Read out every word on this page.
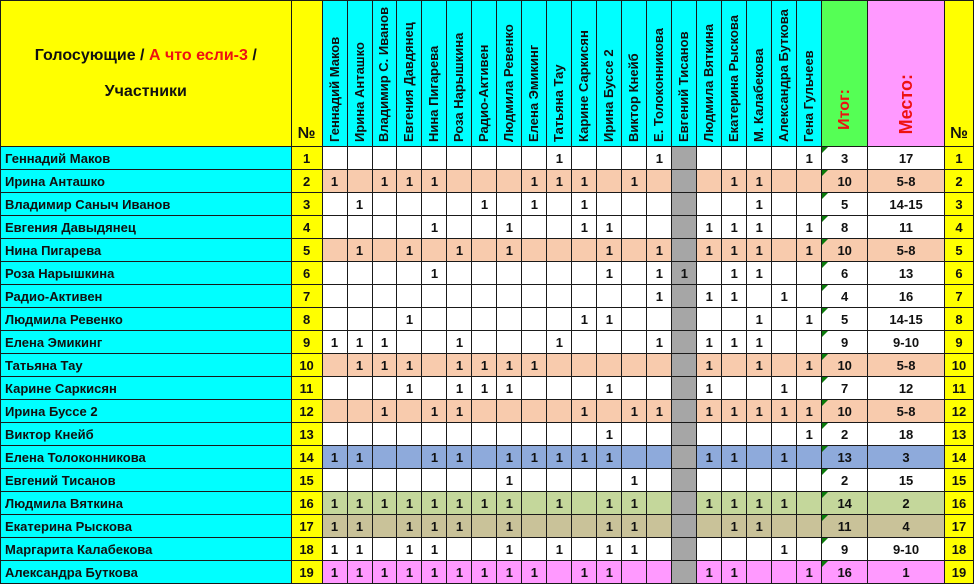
Голосующие / А что если-3 /
Участники	№	Геннадий Маков	Ирина Анташко	Владимир С. Иванов	Евгения Давдянец	Нина Пигарева	Роза Нарышкина	Радио-Активен	Людмила Ревенко	Елена Эмикинг	Татьяна Тау	Карине Саркисян	Ирина Буссе 2	Виктор Кнейб	Е. Толоконникова	Евгений Тисанов	Людмила Вяткина	Екатерина Рыскова	М. Калабекова	Александра Буткова	Гена Гульчеев	Итог:	Место:	№
Геннадий Маков	1										1				1						1	3	17	1
Ирина Анташко	2	1		1	1	1				1	1	1		1				1	1			10	5-8	2
Владимир Саныч Иванов	3		1					1		1		1							1			5	14-15	3
Евгения Давыдянец	4					1			1			1	1				1	1	1		1	8	11	4
Нина Пигарева	5		1		1		1		1				1		1		1	1	1		1	10	5-8	5
Роза Нарышкина	6					1							1		1	1		1	1			6	13	6
Радио-Активен	7														1		1	1		1		4	16	7
Людмила Ревенко	8				1							1	1						1		1	5	14-15	8
Елена Эмикинг	9	1	1	1			1				1				1		1	1	1			9	9-10	9
Татьяна Тау	10		1	1	1		1	1	1	1							1		1		1	10	5-8	10
Карине Саркисян	11				1		1	1	1				1				1			1		7	12	11
Ирина Буссе 2	12			1		1	1					1		1	1		1	1	1	1	1	10	5-8	12
Виктор Кнейб	13												1								1	2	18	13
Елена Толоконникова	14	1	1			1	1		1	1	1	1	1				1	1		1		13	3	14
Евгений Тисанов	15								1					1								2	15	15
Людмила Вяткина	16	1	1	1	1	1	1	1	1		1		1	1			1	1	1	1		14	2	16
Екатерина Рыскова	17	1	1		1	1	1		1				1	1				1	1			11	4	17
Маргарита Калабекова	18	1	1		1	1			1		1		1	1						1		9	9-10	18
Александра Буткова	19	1	1	1	1	1	1	1	1	1		1	1				1	1			1	16	1	19
